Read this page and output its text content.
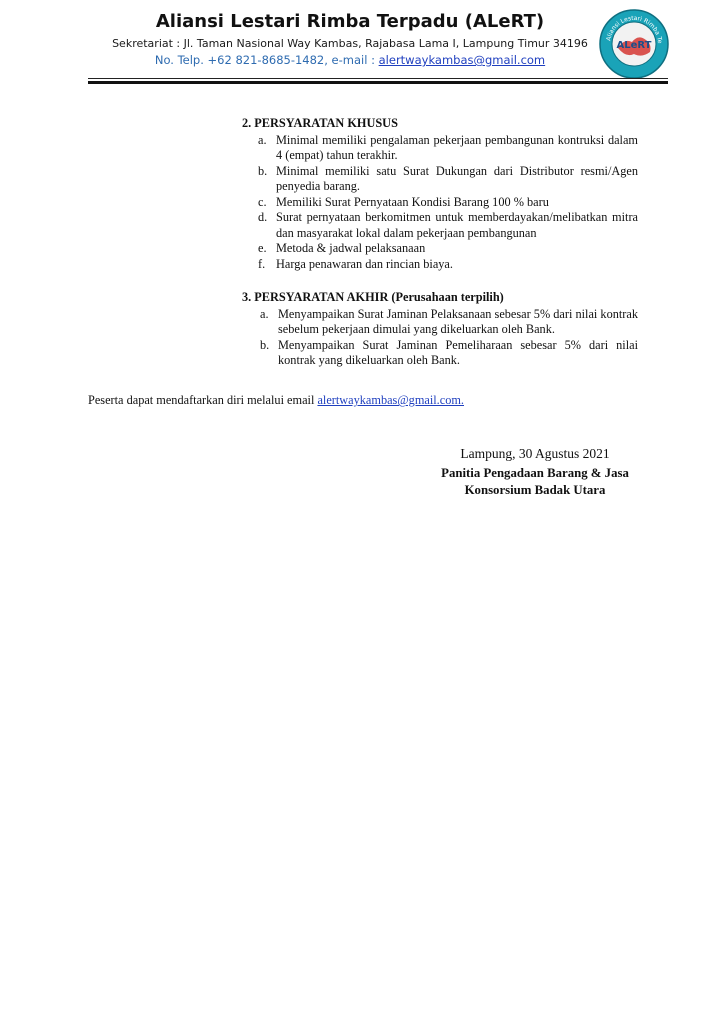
Aliansi Lestari Rimba Terpadu (ALeRT)
Sekretariat : Jl. Taman Nasional Way Kambas, Rajabasa Lama I, Lampung Timur 34196
No. Telp. +62 821-8685-1482, e-mail : alertwaykambas@gmail.com
Aliansi Lestari Rimba Te
ALeRT
2. PERSYARATAN KHUSUS
a. Minimal memiliki pengalaman pekerjaan pembangunan kontruksi dalam 4 (empat) tahun terakhir.
b. Minimal memiliki satu Surat Dukungan dari Distributor resmi/Agen penyedia barang.
c. Memiliki Surat Pernyataan Kondisi Barang 100 % baru
d. Surat pernyataan berkomitmen untuk memberdayakan/melibatkan mitra dan masyarakat lokal dalam pekerjaan pembangunan
e. Metoda & jadwal pelaksanaan
f. Harga penawaran dan rincian biaya.
3. PERSYARATAN AKHIR (Perusahaan terpilih)
a. Menyampaikan Surat Jaminan Pelaksanaan sebesar 5% dari nilai kontrak sebelum pekerjaan dimulai yang dikeluarkan oleh Bank.
b. Menyampaikan Surat Jaminan Pemeliharaan sebesar 5% dari nilai kontrak yang dikeluarkan oleh Bank.

Peserta dapat mendaftarkan diri melalui email alertwaykambas@gmail.com.

Lampung, 30 Agustus 2021
Panitia Pengadaan Barang & Jasa
Konsorsium Badak Utara
